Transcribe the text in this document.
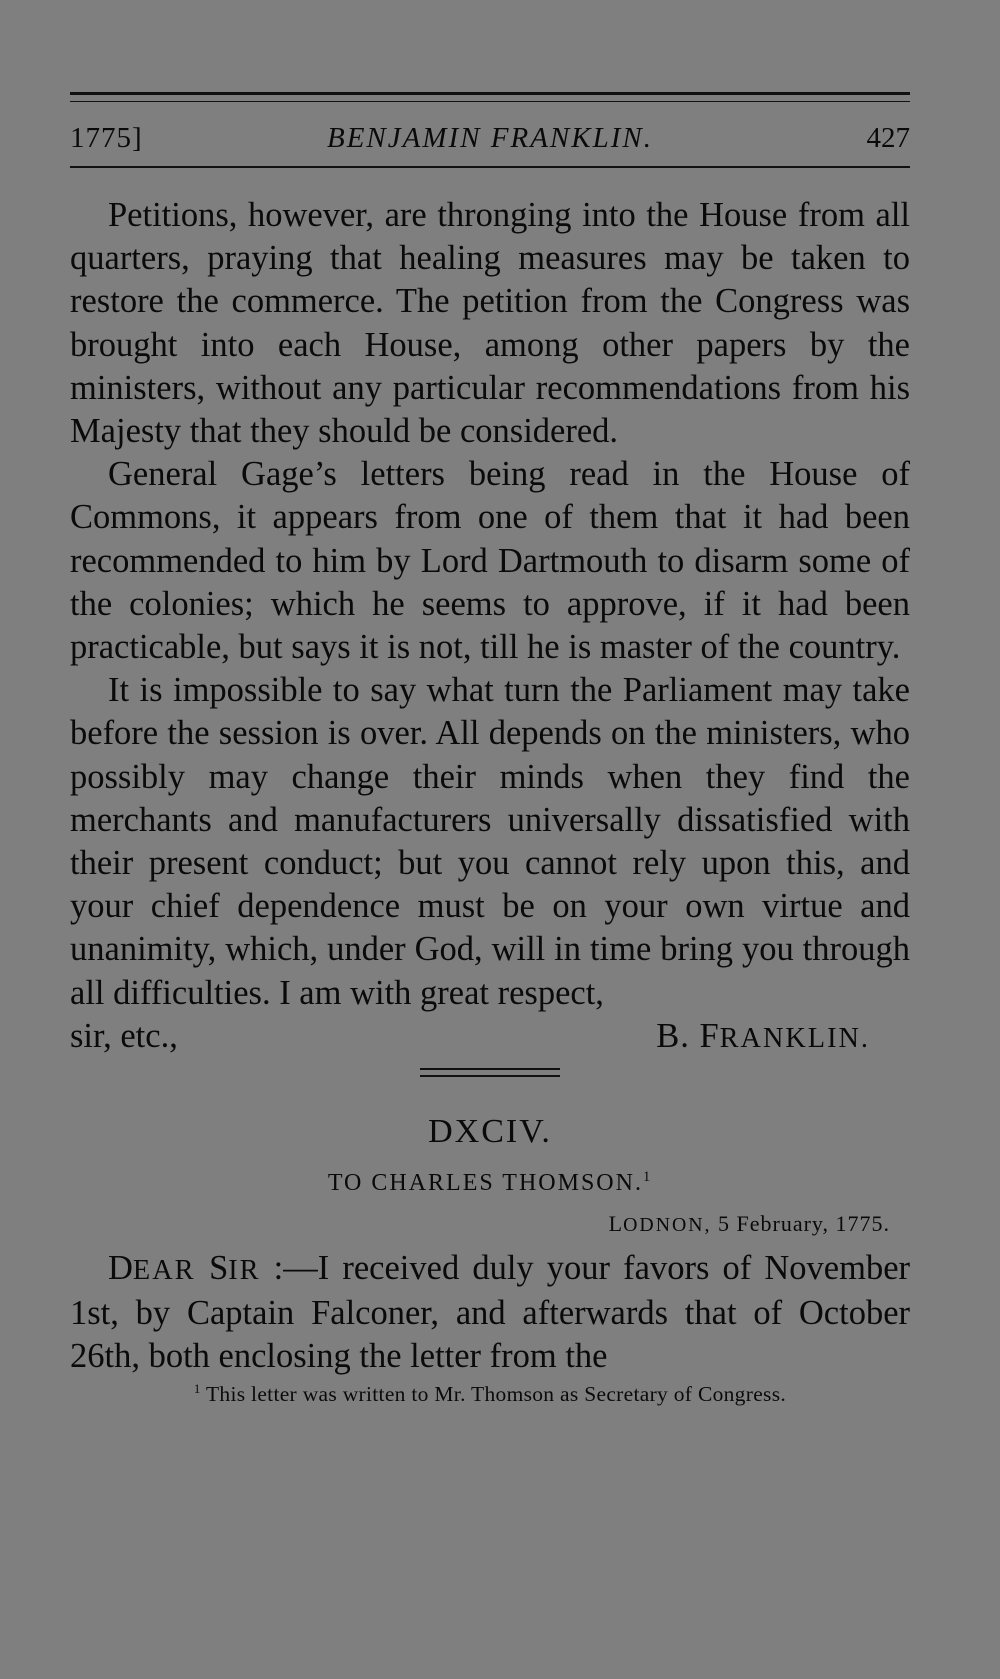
1775]	BENJAMIN FRANKLIN.	427

Petitions, however, are thronging into the House from all quarters, praying that healing measures may be taken to restore the commerce. The petition from the Congress was brought into each House, among other papers by the ministers, without any particular recommendations from his Majesty that they should be considered.

General Gage’s letters being read in the House of Commons, it appears from one of them that it had been recommended to him by Lord Dartmouth to disarm some of the colonies; which he seems to approve, if it had been practicable, but says it is not, till he is master of the country.

It is impossible to say what turn the Parliament may take before the session is over. All depends on the ministers, who possibly may change their minds when they find the merchants and manufacturers universally dissatisfied with their present conduct; but you cannot rely upon this, and your chief dependence must be on your own virtue and unanimity, which, under God, will in time bring you through all difficulties. I am with great respect,

sir, etc.,	B. FRANKLIN.
DXCIV.
TO CHARLES THOMSON.$^1$
LODNON, 5 February, 1775.

DEAR SIR :—I received duly your favors of November 1st, by Captain Falconer, and afterwards that of October 26th, both enclosing the letter from the

$^1$ This letter was written to Mr. Thomson as Secretary of Congress.
